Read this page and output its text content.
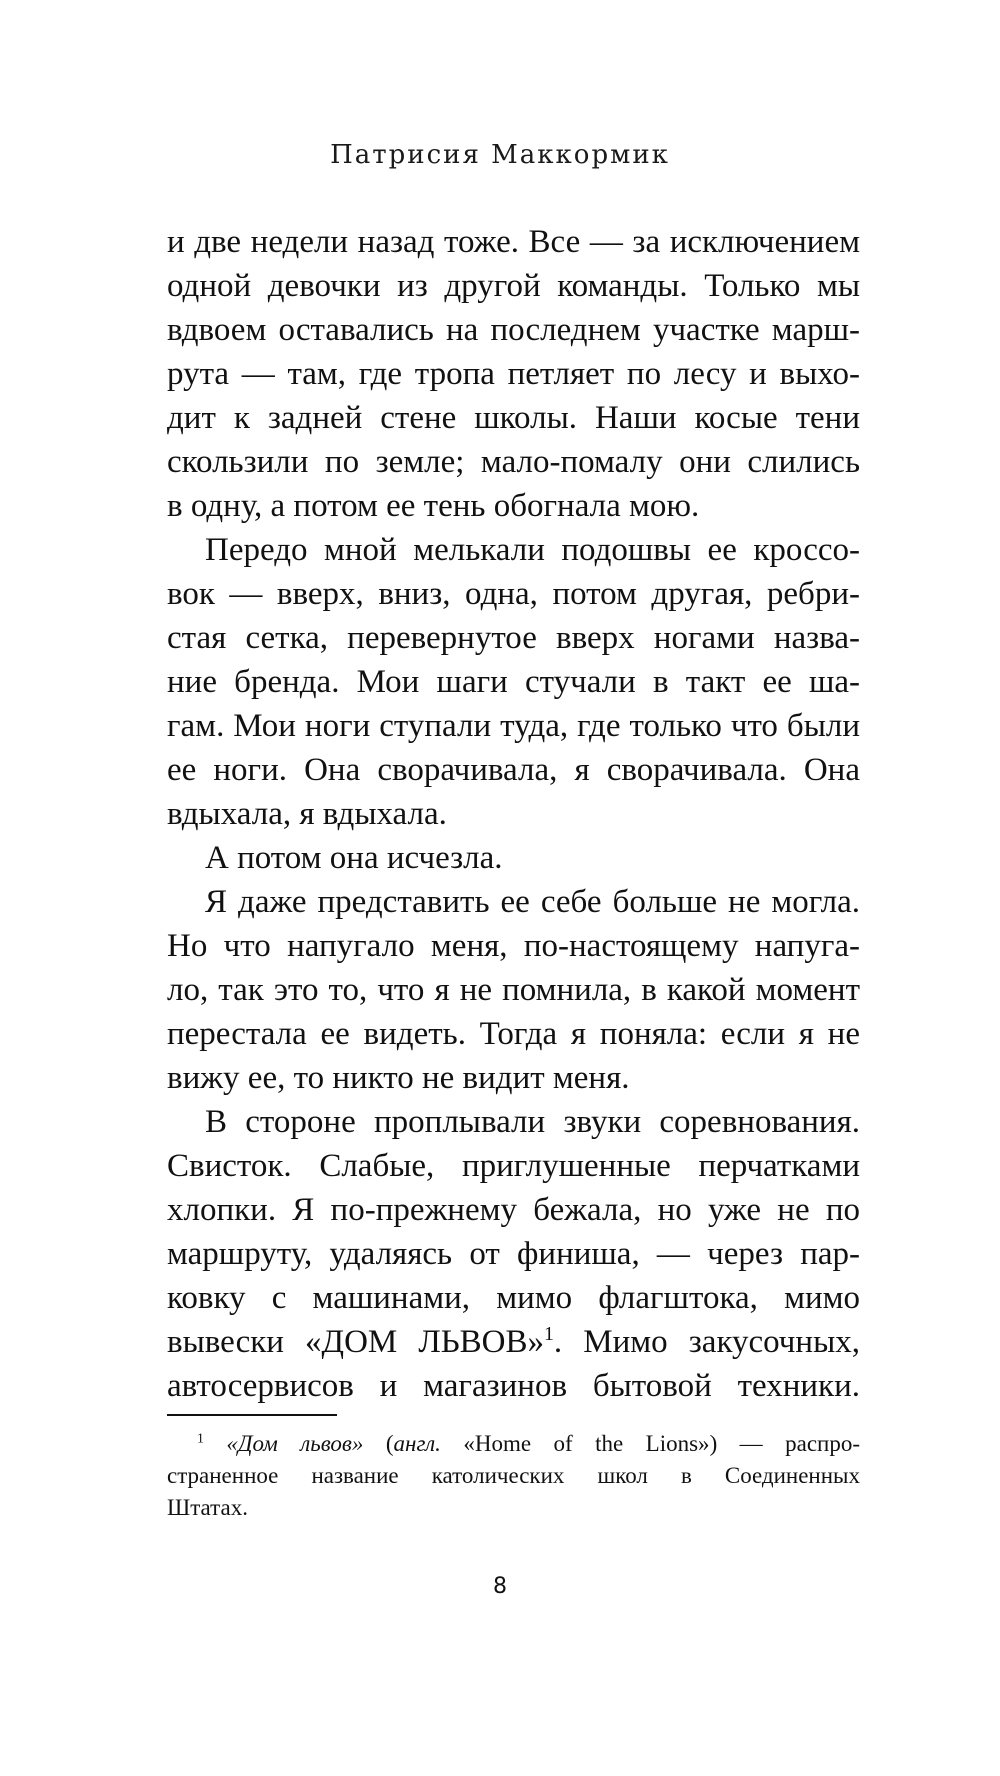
Патрисия Маккормик
и две недели назад тоже. Все — за исключением
одной девочки из другой команды. Только мы
вдвоем оставались на последнем участке марш-
рута — там, где тропа петляет по лесу и выхо-
дит к задней стене школы. Наши косые тени
скользили по земле; мало-помалу они слились
в одну, а потом ее тень обогнала мою.
Передо мной мелькали подошвы ее кроссо-
вок — вверх, вниз, одна, потом другая, ребри-
стая сетка, перевернутое вверх ногами назва-
ние бренда. Мои шаги стучали в такт ее ша-
гам. Мои ноги ступали туда, где только что были
ее ноги. Она сворачивала, я сворачивала. Она
вдыхала, я вдыхала.
А потом она исчезла.
Я даже представить ее себе больше не могла.
Но что напугало меня, по-настоящему напуга-
ло, так это то, что я не помнила, в какой момент
перестала ее видеть. Тогда я поняла: если я не
вижу ее, то никто не видит меня.
В стороне проплывали звуки соревнования.
Свисток. Слабые, приглушенные перчатками
хлопки. Я по-прежнему бежала, но уже не по
маршруту, удаляясь от финиша, — через пар-
ковку с машинами, мимо флагштока, мимо
вывески «ДОМ ЛЬВОВ»$^1$. Мимо закусочных,
автосервисов и магазинов бытовой техники.
$^1$ «Дом львов» (англ. «Home of the Lions») — распро-
страненное название католических школ в Соединенных
Штатах.
8
